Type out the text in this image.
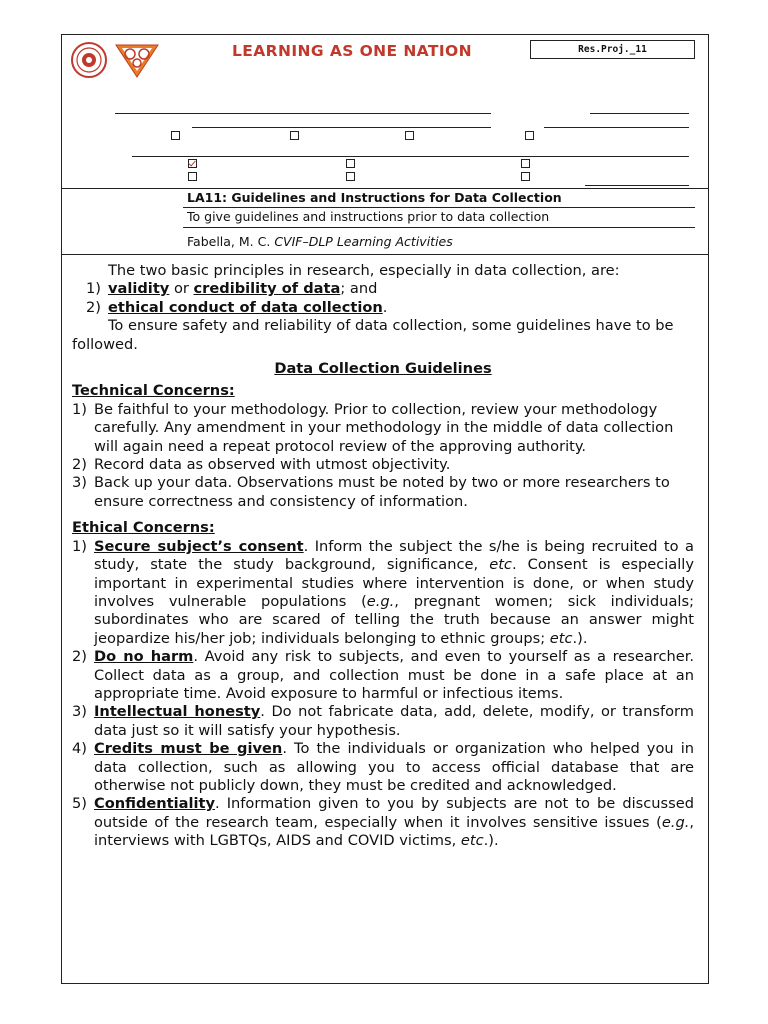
LEARNING AS ONE NATION	Res.Proj._11
LA11: Guidelines and Instructions for Data Collection
To give guidelines and instructions prior to data collection
Fabella, M. C. CVIF–DLP Learning Activities

The two basic principles in research, especially in data collection, are:

1) validity or credibility of data; and

2) ethical conduct of data collection.

To ensure safety and reliability of data collection, some guidelines have to be followed.

Data Collection Guidelines

Technical Concerns:

1) Be faithful to your methodology. Prior to collection, review your methodology carefully. Any amendment in your methodology in the middle of data collection will again need a repeat protocol review of the approving authority.

2) Record data as observed with utmost objectivity.

3) Back up your data. Observations must be noted by two or more researchers to ensure correctness and consistency of information.

Ethical Concerns:

1) Secure subject’s consent. Inform the subject the s/he is being recruited to a study, state the study background, significance, etc. Consent is especially important in experimental studies where intervention is done, or when study involves vulnerable populations (e.g., pregnant women; sick individuals; subordinates who are scared of telling the truth because an answer might jeopardize his/her job; individuals belonging to ethnic groups; etc.).

2) Do no harm. Avoid any risk to subjects, and even to yourself as a researcher. Collect data as a group, and collection must be done in a safe place at an appropriate time. Avoid exposure to harmful or infectious items.

3) Intellectual honesty. Do not fabricate data, add, delete, modify, or transform data just so it will satisfy your hypothesis.

4) Credits must be given. To the individuals or organization who helped you in data collection, such as allowing you to access official database that are otherwise not publicly down, they must be credited and acknowledged.

5) Confidentiality. Information given to you by subjects are not to be discussed outside of the research team, especially when it involves sensitive issues (e.g., interviews with LGBTQs, AIDS and COVID victims, etc.).
